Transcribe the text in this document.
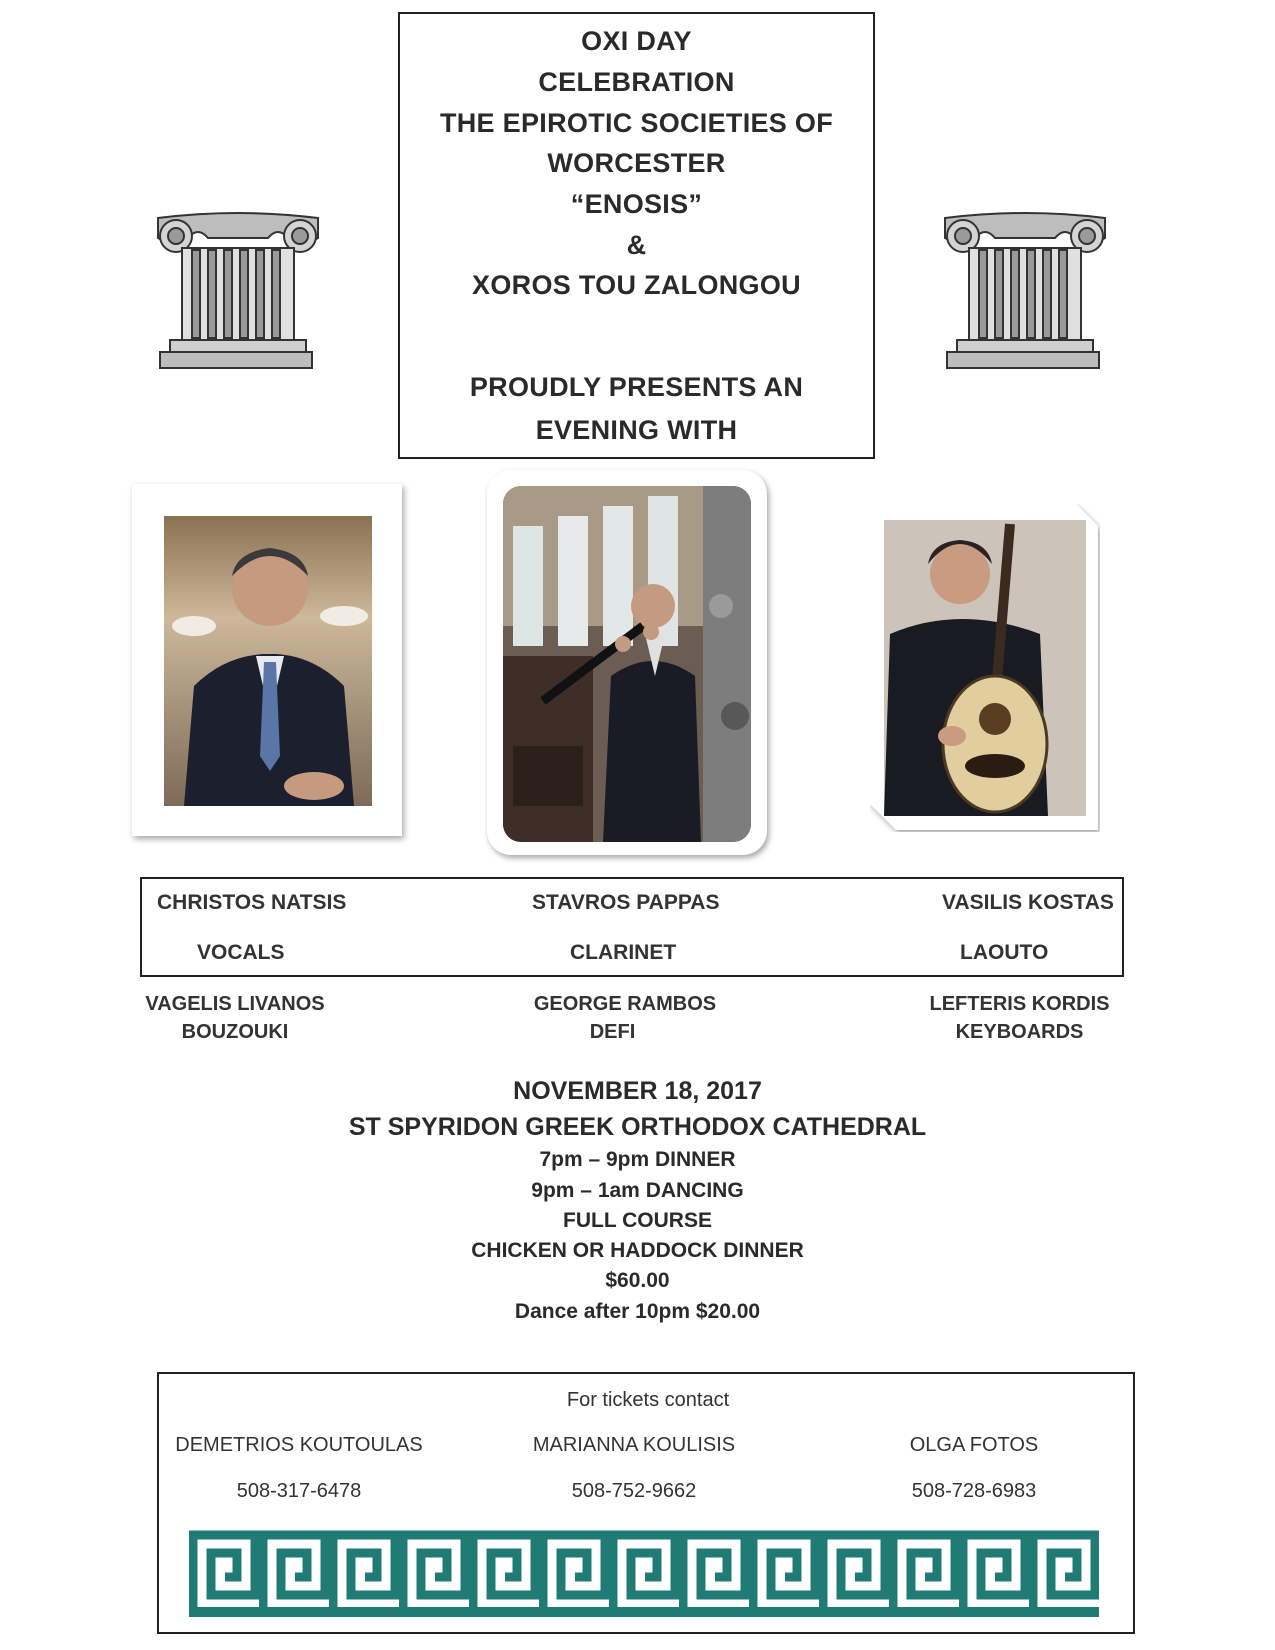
OXI DAY
CELEBRATION
THE EPIROTIC SOCIETIES OF
WORCESTER
“ENOSIS”
&
XOROS TOU ZALONGOU
PROUDLY PRESENTS AN
EVENING WITH
CHRISTOS NATSIS
VOCALS
STAVROS PAPPAS
CLARINET
VASILIS KOSTAS
LAOUTO
VAGELIS LIVANOS
BOUZOUKI
GEORGE RAMBOS
DEFI
LEFTERIS KORDIS
KEYBOARDS
NOVEMBER 18, 2017
ST SPYRIDON GREEK ORTHODOX CATHEDRAL
7pm – 9pm DINNER
9pm – 1am DANCING
FULL COURSE
CHICKEN OR HADDOCK DINNER
$60.00
Dance after 10pm $20.00
For tickets contact
DEMETRIOS KOUTOULAS
508-317-6478
MARIANNA KOULISIS
508-752-9662
OLGA FOTOS
508-728-6983
